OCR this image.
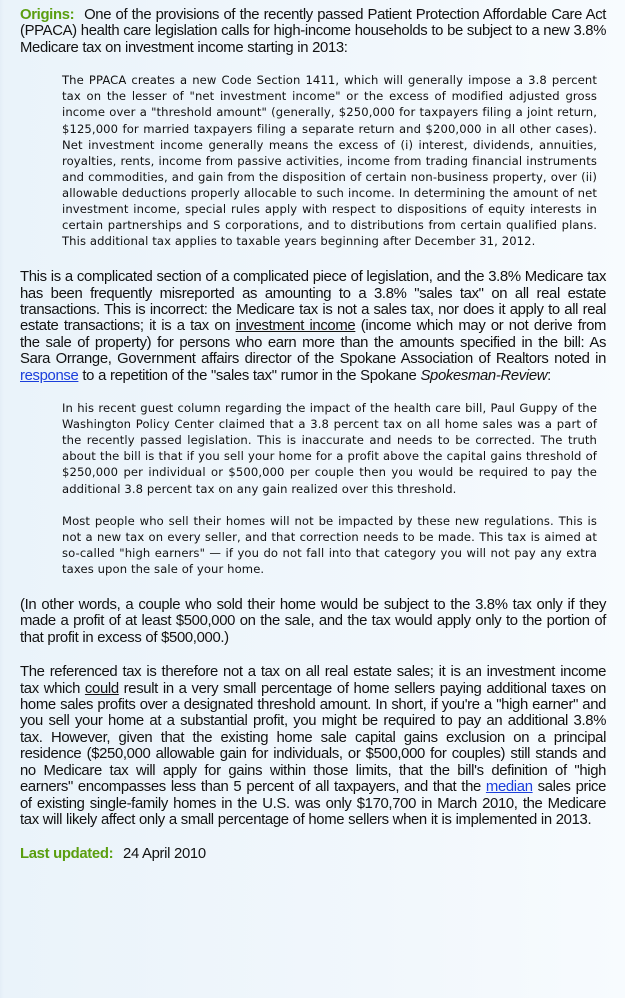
Origins: One of the provisions of the recently passed Patient Protection Affordable Care Act (PPACA) health care legislation calls for high-income households to be subject to a new 3.8% Medicare tax on investment income starting in 2013:

The PPACA creates a new Code Section 1411, which will generally impose a 3.8 percent tax on the lesser of "net investment income" or the excess of modified adjusted gross income over a "threshold amount" (generally, $250,000 for taxpayers filing a joint return, $125,000 for married taxpayers filing a separate return and $200,000 in all other cases). Net investment income generally means the excess of (i) interest, dividends, annuities, royalties, rents, income from passive activities, income from trading financial instruments and commodities, and gain from the disposition of certain non-business property, over (ii) allowable deductions properly allocable to such income. In determining the amount of net investment income, special rules apply with respect to dispositions of equity interests in certain partnerships and S corporations, and to distributions from certain qualified plans. This additional tax applies to taxable years beginning after December 31, 2012.

This is a complicated section of a complicated piece of legislation, and the 3.8% Medicare tax has been frequently misreported as amounting to a 3.8% "sales tax" on all real estate transactions. This is incorrect: the Medicare tax is not a sales tax, nor does it apply to all real estate transactions; it is a tax on investment income (income which may or not derive from the sale of property) for persons who earn more than the amounts specified in the bill: As Sara Orrange, Government affairs director of the Spokane Association of Realtors noted in response to a repetition of the "sales tax" rumor in the Spokane Spokesman-Review:

In his recent guest column regarding the impact of the health care bill, Paul Guppy of the Washington Policy Center claimed that a 3.8 percent tax on all home sales was a part of the recently passed legislation. This is inaccurate and needs to be corrected. The truth about the bill is that if you sell your home for a profit above the capital gains threshold of $250,000 per individual or $500,000 per couple then you would be required to pay the additional 3.8 percent tax on any gain realized over this threshold.

Most people who sell their homes will not be impacted by these new regulations. This is not a new tax on every seller, and that correction needs to be made. This tax is aimed at so-called "high earners" — if you do not fall into that category you will not pay any extra taxes upon the sale of your home.

(In other words, a couple who sold their home would be subject to the 3.8% tax only if they made a profit of at least $500,000 on the sale, and the tax would apply only to the portion of that profit in excess of $500,000.)

The referenced tax is therefore not a tax on all real estate sales; it is an investment income tax which could result in a very small percentage of home sellers paying additional taxes on home sales profits over a designated threshold amount. In short, if you're a "high earner" and you sell your home at a substantial profit, you might be required to pay an additional 3.8% tax. However, given that the existing home sale capital gains exclusion on a principal residence ($250,000 allowable gain for individuals, or $500,000 for couples) still stands and no Medicare tax will apply for gains within those limits, that the bill's definition of "high earners" encompasses less than 5 percent of all taxpayers, and that the median sales price of existing single-family homes in the U.S. was only $170,700 in March 2010, the Medicare tax will likely affect only a small percentage of home sellers when it is implemented in 2013.

Last updated: 24 April 2010
